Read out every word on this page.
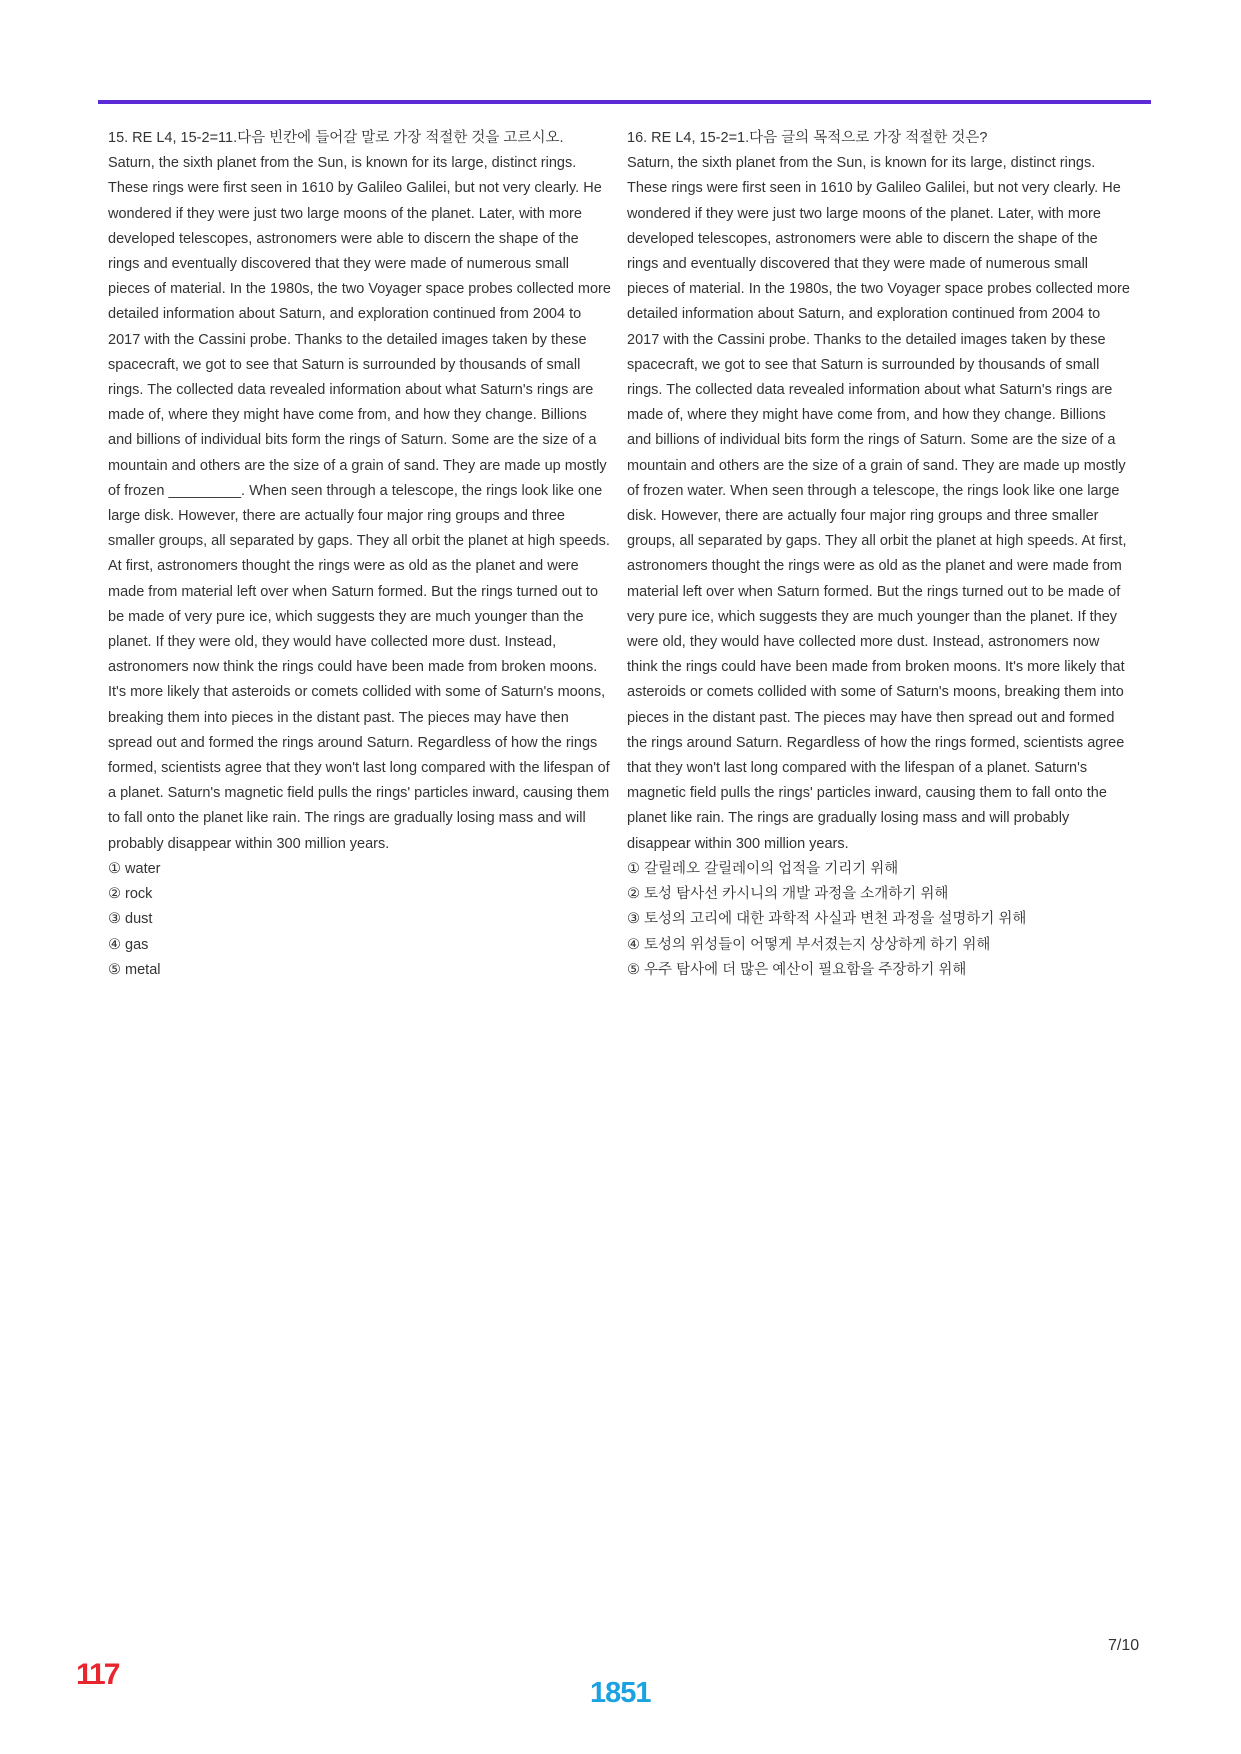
15. RE L4, 15-2=11.다음 빈칸에 들어갈 말로 가장 적절한 것을 고르시오.

Saturn, the sixth planet from the Sun, is known for its large, distinct rings. These rings were first seen in 1610 by Galileo Galilei, but not very clearly. He wondered if they were just two large moons of the planet. Later, with more developed telescopes, astronomers were able to discern the shape of the rings and eventually discovered that they were made of numerous small pieces of material. In the 1980s, the two Voyager space probes collected more detailed information about Saturn, and exploration continued from 2004 to 2017 with the Cassini probe. Thanks to the detailed images taken by these spacecraft, we got to see that Saturn is surrounded by thousands of small rings. The collected data revealed information about what Saturn's rings are made of, where they might have come from, and how they change. Billions and billions of individual bits form the rings of Saturn. Some are the size of a mountain and others are the size of a grain of sand. They are made up mostly of frozen _________. When seen through a telescope, the rings look like one large disk. However, there are actually four major ring groups and three smaller groups, all separated by gaps. They all orbit the planet at high speeds. At first, astronomers thought the rings were as old as the planet and were made from material left over when Saturn formed. But the rings turned out to be made of very pure ice, which suggests they are much younger than the planet. If they were old, they would have collected more dust. Instead, astronomers now think the rings could have been made from broken moons. It's more likely that asteroids or comets collided with some of Saturn's moons, breaking them into pieces in the distant past. The pieces may have then spread out and formed the rings around Saturn. Regardless of how the rings formed, scientists agree that they won't last long compared with the lifespan of a planet. Saturn's magnetic field pulls the rings' particles inward, causing them to fall onto the planet like rain. The rings are gradually losing mass and will probably disappear within 300 million years.

① water
② rock
③ dust
④ gas
⑤ metal

16. RE L4, 15-2=1.다음 글의 목적으로 가장 적절한 것은?

Saturn, the sixth planet from the Sun, is known for its large, distinct rings. These rings were first seen in 1610 by Galileo Galilei, but not very clearly. He wondered if they were just two large moons of the planet. Later, with more developed telescopes, astronomers were able to discern the shape of the rings and eventually discovered that they were made of numerous small pieces of material. In the 1980s, the two Voyager space probes collected more detailed information about Saturn, and exploration continued from 2004 to 2017 with the Cassini probe. Thanks to the detailed images taken by these spacecraft, we got to see that Saturn is surrounded by thousands of small rings. The collected data revealed information about what Saturn's rings are made of, where they might have come from, and how they change. Billions and billions of individual bits form the rings of Saturn. Some are the size of a mountain and others are the size of a grain of sand. They are made up mostly of frozen water. When seen through a telescope, the rings look like one large disk. However, there are actually four major ring groups and three smaller groups, all separated by gaps. They all orbit the planet at high speeds. At first, astronomers thought the rings were as old as the planet and were made from material left over when Saturn formed. But the rings turned out to be made of very pure ice, which suggests they are much younger than the planet. If they were old, they would have collected more dust. Instead, astronomers now think the rings could have been made from broken moons. It's more likely that asteroids or comets collided with some of Saturn's moons, breaking them into pieces in the distant past. The pieces may have then spread out and formed the rings around Saturn. Regardless of how the rings formed, scientists agree that they won't last long compared with the lifespan of a planet. Saturn's magnetic field pulls the rings' particles inward, causing them to fall onto the planet like rain. The rings are gradually losing mass and will probably disappear within 300 million years.

① 갈릴레오 갈릴레이의 업적을 기리기 위해
② 토성 탐사선 카시니의 개발 과정을 소개하기 위해
③ 토성의 고리에 대한 과학적 사실과 변천 과정을 설명하기 위해
④ 토성의 위성들이 어떻게 부서졌는지 상상하게 하기 위해
⑤ 우주 탐사에 더 많은 예산이 필요함을 주장하기 위해
7/10
117
1851
